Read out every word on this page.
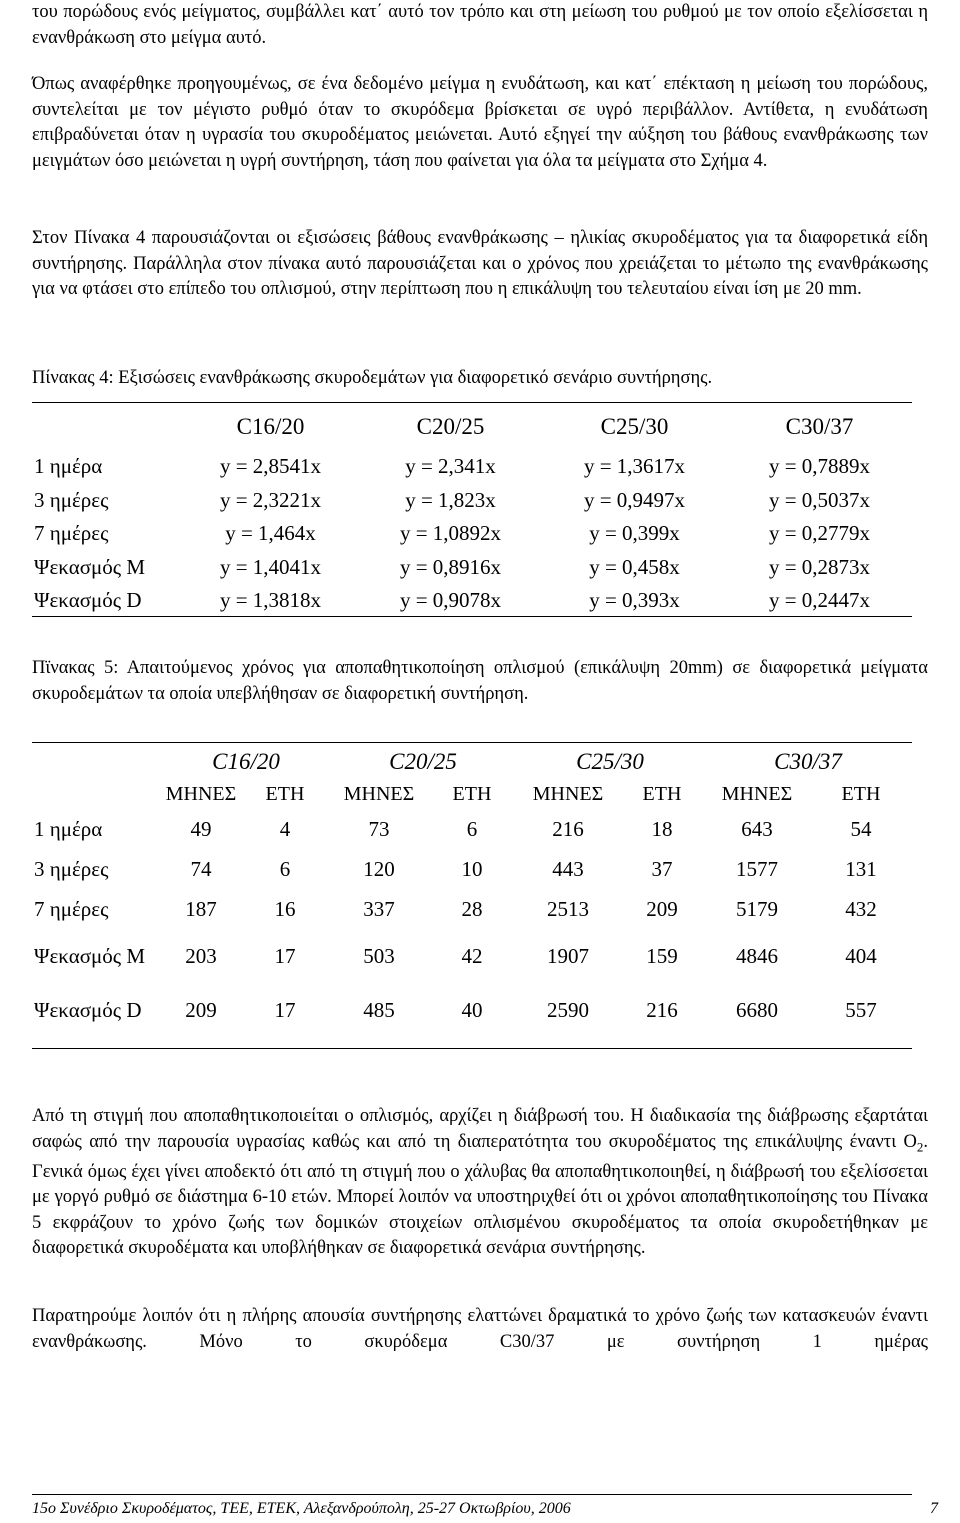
του πορώδους ενός μείγματος, συμβάλλει κατ΄ αυτό τον τρόπο και στη μείωση του ρυθμού με τον οποίο εξελίσσεται η ενανθράκωση στο μείγμα αυτό.
Όπως αναφέρθηκε προηγουμένως, σε ένα δεδομένο μείγμα η ενυδάτωση, και κατ΄ επέκταση η μείωση του πορώδους, συντελείται με τον μέγιστο ρυθμό όταν το σκυρόδεμα βρίσκεται σε υγρό περιβάλλον. Αντίθετα, η ενυδάτωση επιβραδύνεται όταν η υγρασία του σκυροδέματος μειώνεται. Αυτό εξηγεί την αύξηση του βάθους ενανθράκωσης των μειγμάτων όσο μειώνεται η υγρή συντήρηση, τάση που φαίνεται για όλα τα μείγματα στο Σχήμα 4.
Στον Πίνακα 4 παρουσιάζονται οι εξισώσεις βάθους ενανθράκωσης – ηλικίας σκυροδέματος για τα διαφορετικά είδη συντήρησης. Παράλληλα στον πίνακα αυτό παρουσιάζεται και ο χρόνος που χρειάζεται το μέτωπο της ενανθράκωσης για να φτάσει στο επίπεδο του οπλισμού, στην περίπτωση που η επικάλυψη του τελευταίου είναι ίση με 20 mm.
Πίνακας 4: Εξισώσεις ενανθράκωσης σκυροδεμάτων για διαφορετικό σενάριο συντήρησης.
	C16/20	C20/25	C25/30	C30/37
1 ημέρα	y = 2,8541x	y = 2,341x	y = 1,3617x	y = 0,7889x
3 ημέρες	y = 2,3221x	y = 1,823x	y = 0,9497x	y = 0,5037x
7 ημέρες	y = 1,464x	y = 1,0892x	y = 0,399x	y = 0,2779x
Ψεκασμός M	y = 1,4041x	y = 0,8916x	y = 0,458x	y = 0,2873x
Ψεκασμός D	y = 1,3818x	y = 0,9078x	y = 0,393x	y = 0,2447x
Πϊνακας 5: Απαιτούμενος χρόνος για αποπαθητικοποίηση οπλισμού (επικάλυψη 20mm) σε διαφορετικά μείγματα σκυροδεμάτων τα οποία υπεβλήθησαν σε διαφορετική συντήρηση.
	C16/20		C20/25		C25/30		C30/37	
	ΜΗΝΕΣ	ΕΤΗ	ΜΗΝΕΣ	ΕΤΗ	ΜΗΝΕΣ	ΕΤΗ	ΜΗΝΕΣ	ΕΤΗ
1 ημέρα	49	4	73	6	216	18	643	54
3 ημέρες	74	6	120	10	443	37	1577	131
7 ημέρες	187	16	337	28	2513	209	5179	432
Ψεκασμός M	203	17	503	42	1907	159	4846	404
Ψεκασμός D	209	17	485	40	2590	216	6680	557
Από τη στιγμή που αποπαθητικοποιείται ο οπλισμός, αρχίζει η διάβρωσή του. Η διαδικασία της διάβρωσης εξαρτάται σαφώς από την παρουσία υγρασίας καθώς και από τη διαπερατότητα του σκυροδέματος της επικάλυψης έναντι $O_2$. Γενικά όμως έχει γίνει αποδεκτό ότι από τη στιγμή που ο χάλυβας θα αποπαθητικοποιηθεί, η διάβρωσή του εξελίσσεται με γοργό ρυθμό σε διάστημα 6-10 ετών. Μπορεί λοιπόν να υποστηριχθεί ότι οι χρόνοι αποπαθητικοποίησης του Πίνακα 5 εκφράζουν το χρόνο ζωής των δομικών στοιχείων οπλισμένου σκυροδέματος τα οποία σκυροδετήθηκαν με διαφορετικά σκυροδέματα και υποβλήθηκαν σε διαφορετικά σενάρια συντήρησης.
Παρατηρούμε λοιπόν ότι η πλήρης απουσία συντήρησης ελαττώνει δραματικά το χρόνο ζωής των κατασκευών έναντι ενανθράκωσης. Μόνο το σκυρόδεμα C30/37 με συντήρηση 1 ημέρας
15o Συνέδριο Σκυροδέματος, ΤΕΕ, ΕΤΕΚ, Αλεξανδρούπολη, 25-27 Οκτωβρίου, 2006	7
